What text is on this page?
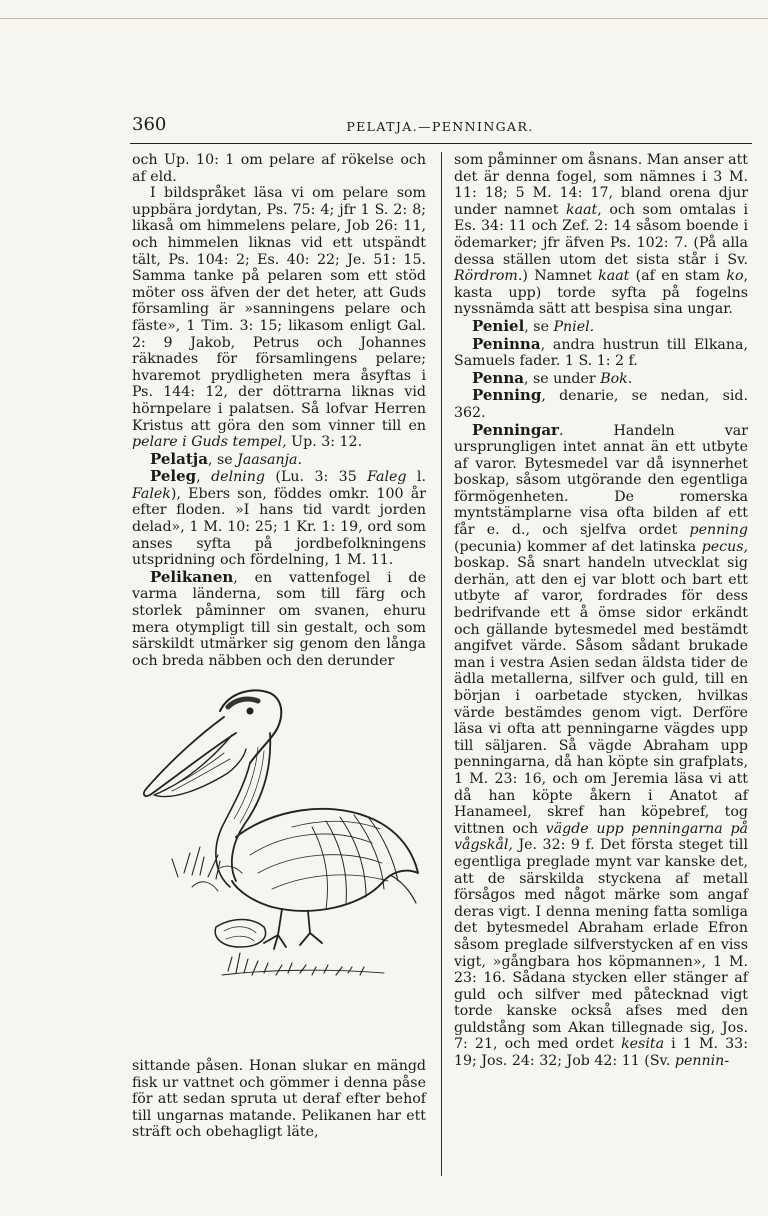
360	PELATJA.—PENNINGAR.

och Up. 10: 1 om pelare af rökelse och af eld.

I bildspråket läsa vi om pelare som uppbära jordytan, Ps. 75: 4; jfr 1 S. 2: 8; likaså om himmelens pelare, Job 26: 11, och himmelen liknas vid ett utspändt tält, Ps. 104: 2; Es. 40: 22; Je. 51: 15. Samma tanke på pelaren som ett stöd möter oss äfven der det heter, att Guds församling är »sanningens pelare och fäste», 1 Tim. 3: 15; likasom enligt Gal. 2: 9 Jakob, Petrus och Johannes räknades för församlingens pelare; hvaremot prydligheten mera åsyftas i Ps. 144: 12, der döttrarna liknas vid hörnpelare i palatsen. Så lofvar Herren Kristus att göra den som vinner till en pelare i Guds tempel, Up. 3: 12.

Pelatja, se Jaasanja.

Peleg, delning (Lu. 3: 35 Faleg l. Falek), Ebers son, föddes omkr. 100 år efter floden. »I hans tid vardt jorden delad», 1 M. 10: 25; 1 Kr. 1: 19, ord som anses syfta på jordbefolkningens utspridning och fördelning, 1 M. 11.

Pelikanen, en vattenfogel i de varma länderna, som till färg och storlek påminner om svanen, ehuru mera otympligt till sin gestalt, och som särskildt utmärker sig genom den långa och breda näbben och den derunder

sittande påsen. Honan slukar en mängd fisk ur vattnet och gömmer i denna påse för att sedan spruta ut deraf efter behof till ungarnas matande. Pelikanen har ett sträft och obehagligt läte,

som påminner om åsnans. Man anser att det är denna fogel, som nämnes i 3 M. 11: 18; 5 M. 14: 17, bland orena djur under namnet kaat, och som omtalas i Es. 34: 11 och Zef. 2: 14 såsom boende i ödemarker; jfr äfven Ps. 102: 7. (På alla dessa ställen utom det sista står i Sv. Rördrom.) Namnet kaat (af en stam ko, kasta upp) torde syfta på fogelns nyssnämda sätt att bespisa sina ungar.

Peniel, se Pniel.

Peninna, andra hustrun till Elkana, Samuels fader. 1 S. 1: 2 f.

Penna, se under Bok.

Penning, denarie, se nedan, sid. 362.

Penningar. Handeln var ursprungligen intet annat än ett utbyte af varor. Bytesmedel var då isynnerhet boskap, såsom utgörande den egentliga förmögenheten. De romerska myntstämplarne visa ofta bilden af ett får e. d., och sjelfva ordet penning (pecunia) kommer af det latinska pecus, boskap. Så snart handeln utvecklat sig derhän, att den ej var blott och bart ett utbyte af varor, fordrades för dess bedrifvande ett å ömse sidor erkändt och gällande bytesmedel med bestämdt angifvet värde. Såsom sådant brukade man i vestra Asien sedan äldsta tider de ädla metallerna, silfver och guld, till en början i oarbetade stycken, hvilkas värde bestämdes genom vigt. Derföre läsa vi ofta att penningarne vägdes upp till säljaren. Så vägde Abraham upp penningarna, då han köpte sin grafplats, 1 M. 23: 16, och om Jeremia läsa vi att då han köpte åkern i Anatot af Hanameel, skref han köpebref, tog vittnen och vägde upp penningarna på vågskål, Je. 32: 9 f. Det första steget till egentliga preglade mynt var kanske det, att de särskilda styckena af metall försågos med något märke som angaf deras vigt. I denna mening fatta somliga det bytesmedel Abraham erlade Efron såsom preglade silfverstycken af en viss vigt, »gångbara hos köpmannen», 1 M. 23: 16. Sådana stycken eller stänger af guld och silfver med påtecknad vigt torde kanske också afses med den guldstång som Akan tillegnade sig, Jos. 7: 21, och med ordet kesita i 1 M. 33: 19; Jos. 24: 32; Job 42: 11 (Sv. pennin-
